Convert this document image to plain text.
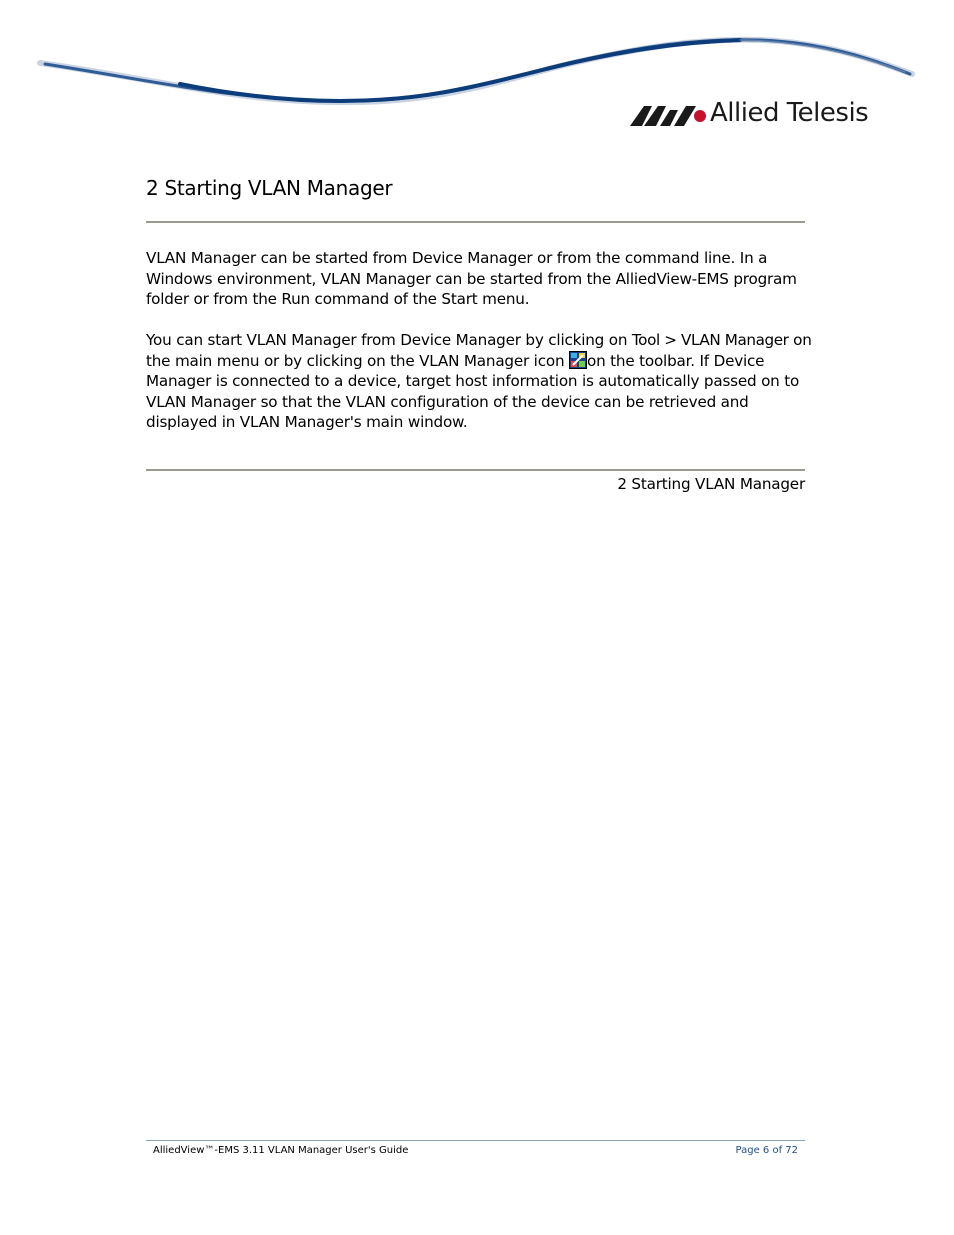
Allied Telesis
2 Starting VLAN Manager

VLAN Manager can be started from Device Manager or from the command line. In a Windows environment, VLAN Manager can be started from the AlliedView-EMS program folder or from the Run command of the Start menu.

You can start VLAN Manager from Device Manager by clicking on Tool > VLAN Manager on the main menu or by clicking on the VLAN Manager icon on the toolbar. If Device Manager is connected to a device, target host information is automatically passed on to VLAN Manager so that the VLAN configuration of the device can be retrieved and displayed in VLAN Manager's main window.

2 Starting VLAN Manager
AlliedView™-EMS 3.11 VLAN Manager User's Guide	Page 6 of 72
